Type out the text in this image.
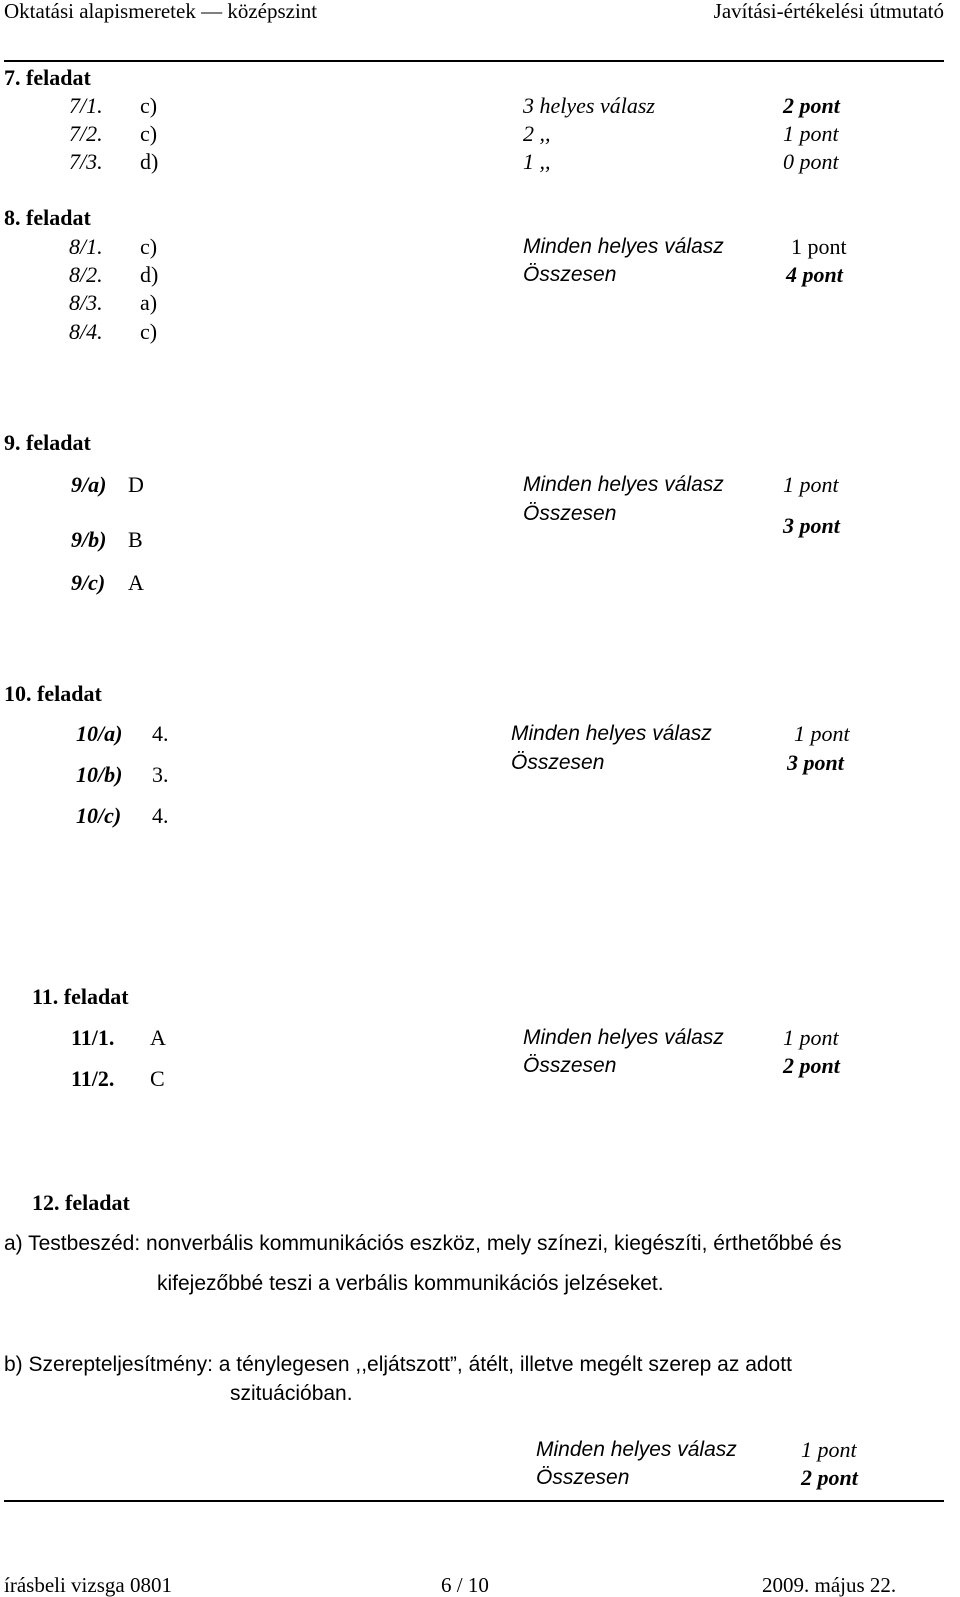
Oktatási alapismeretek — középszint	Javítási-értékelési útmutató
7. feladat
7/1. c)	3 helyes válasz	2 pont
7/2. c)	2 ,,	1 pont
7/3. d)	1 ,,	0 pont
8. feladat
8/1. c)
8/2. d)
8/3. a)
8/4. c)
Minden helyes válasz	1 pont
Összesen	4 pont
9. feladat
9/a) D
9/b) B
9/c) A
Minden helyes válasz	1 pont
Összesen	3 pont
10. feladat
10/a) 4.
10/b) 3.
10/c) 4.
Minden helyes válasz	1 pont
Összesen	3 pont
11. feladat
11/1. A
11/2. C
Minden helyes válasz	1 pont
Összesen	2 pont
12. feladat
a) Testbeszéd: nonverbális kommunikációs eszköz, mely színezi, kiegészíti, érthetőbbé és
kifejezőbbé teszi a verbális kommunikációs jelzéseket.
b) Szerepteljesítmény: a ténylegesen ,,eljátszott”, átélt, illetve megélt szerep az adott
szituációban.
Minden helyes válasz	1 pont
Összesen	2 pont
írásbeli vizsga 0801	6 / 10	2009. május 22.
